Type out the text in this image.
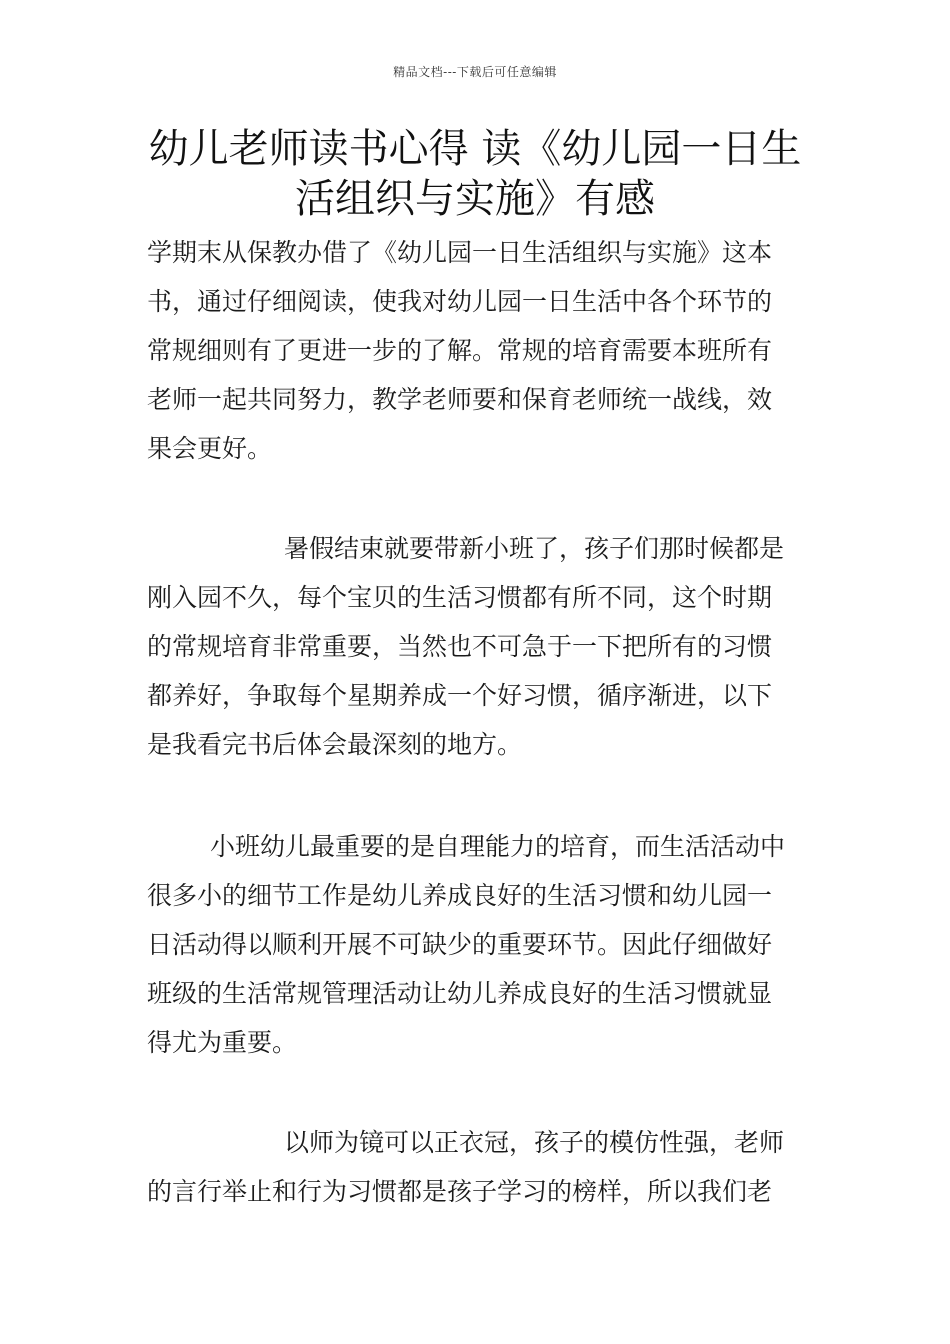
精品文档---下载后可任意编辑
幼儿老师读书心得 读《幼儿园一日生
活组织与实施》有感
学期末从保教办借了《幼儿园一日生活组织与实施》这本
书，通过仔细阅读，使我对幼儿园一日生活中各个环节的
常规细则有了更进一步的了解。常规的培育需要本班所有
老师一起共同努力，教学老师要和保育老师统一战线，效
果会更好。
暑假结束就要带新小班了，孩子们那时候都是
刚入园不久，每个宝贝的生活习惯都有所不同，这个时期
的常规培育非常重要，当然也不可急于一下把所有的习惯
都养好，争取每个星期养成一个好习惯，循序渐进，以下
是我看完书后体会最深刻的地方。
小班幼儿最重要的是自理能力的培育，而生活活动中
很多小的细节工作是幼儿养成良好的生活习惯和幼儿园一
日活动得以顺利开展不可缺少的重要环节。因此仔细做好
班级的生活常规管理活动让幼儿养成良好的生活习惯就显
得尤为重要。
以师为镜可以正衣冠，孩子的模仿性强，老师
的言行举止和行为习惯都是孩子学习的榜样，所以我们老
